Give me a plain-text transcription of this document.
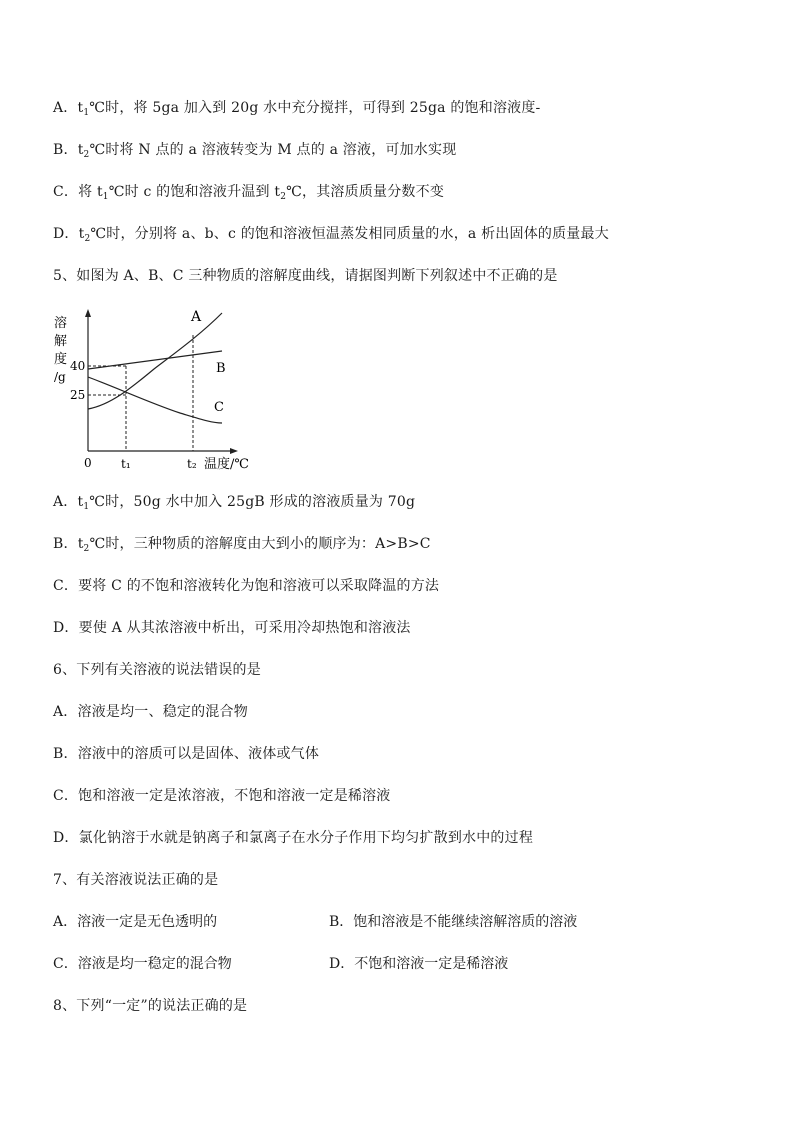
A．$t_1℃$时，将 5ga 加入到 20g 水中充分搅拌，可得到 25ga 的饱和溶液度-
B．$t_2℃$时将 N 点的 a 溶液转变为 M 点的 a 溶液，可加水实现
C．将 $t_1℃$时 c 的饱和溶液升温到 $t_2℃$，其溶质质量分数不变
D．$t_2℃$时，分别将 a、b、c 的饱和溶液恒温蒸发相同质量的水，a 析出固体的质量最大
5、如图为 A、B、C 三种物质的溶解度曲线，请据图判断下列叙述中不正确的是
溶
解
度
/g
40
25
A
B
C
0 t₁	t₂ 温度/℃
A．$t_1℃$时，50g 水中加入 25gB 形成的溶液质量为 70g
B．$t_2℃$时，三种物质的溶解度由大到小的顺序为：A>B>C
C．要将 C 的不饱和溶液转化为饱和溶液可以采取降温的方法
D．要使 A 从其浓溶液中析出，可采用冷却热饱和溶液法
6、下列有关溶液的说法错误的是
A．溶液是均一、稳定的混合物
B．溶液中的溶质可以是固体、液体或气体
C．饱和溶液一定是浓溶液，不饱和溶液一定是稀溶液
D．氯化钠溶于水就是钠离子和氯离子在水分子作用下均匀扩散到水中的过程
7、有关溶液说法正确的是
A．溶液一定是无色透明的	B．饱和溶液是不能继续溶解溶质的溶液
C．溶液是均一稳定的混合物	D．不饱和溶液一定是稀溶液
8、下列“一定”的说法正确的是
